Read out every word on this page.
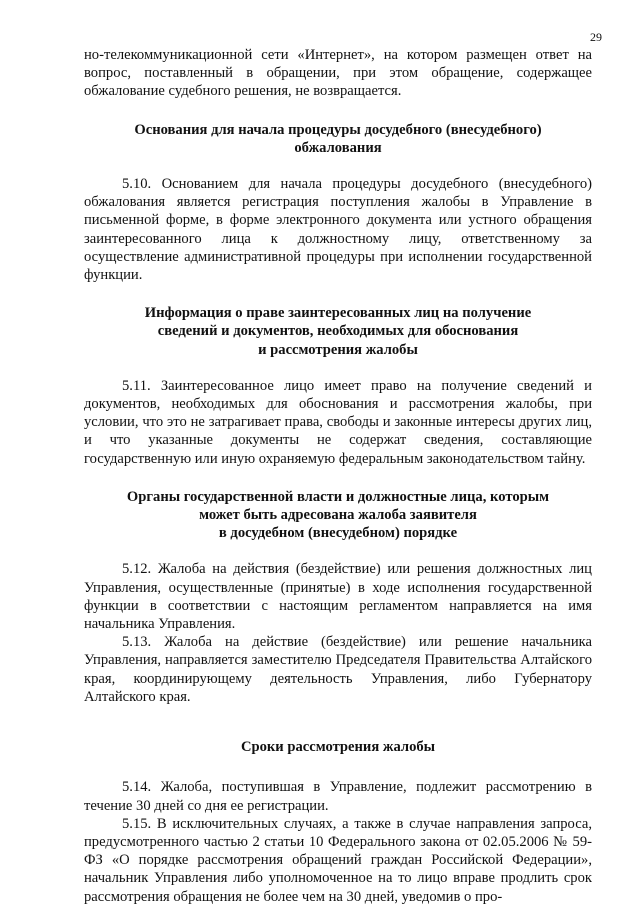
29

но-телекоммуникационной сети «Интернет», на котором размещен ответ на вопрос, поставленный в обращении, при этом обращение, содержащее обжалование судебного решения, не возвращается.

Основания для начала процедуры досудебного (внесудебного)
обжалования

5.10. Основанием для начала процедуры досудебного (внесудебного) обжалования является регистрация поступления жалобы в Управление в письменной форме, в форме электронного документа или устного обращения заинтересованного лица к должностному лицу, ответственному за осуществление административной процедуры при исполнении государственной функции.

Информация о праве заинтересованных лиц на получение
сведений и документов, необходимых для обоснования
и рассмотрения жалобы

5.11. Заинтересованное лицо имеет право на получение сведений и документов, необходимых для обоснования и рассмотрения жалобы, при условии, что это не затрагивает права, свободы и законные интересы других лиц, и что указанные документы не содержат сведения, составляющие государственную или иную охраняемую федеральным законодательством тайну.

Органы государственной власти и должностные лица, которым
может быть адресована жалоба заявителя
в досудебном (внесудебном) порядке

5.12. Жалоба на действия (бездействие) или решения должностных лиц Управления, осуществленные (принятые) в ходе исполнения государственной функции в соответствии с настоящим регламентом направляется на имя начальника Управления.

5.13. Жалоба на действие (бездействие) или решение начальника Управления, направляется заместителю Председателя Правительства Алтайского края, координирующему деятельность Управления, либо Губернатору Алтайского края.

Сроки рассмотрения жалобы

5.14. Жалоба, поступившая в Управление, подлежит рассмотрению в течение 30 дней со дня ее регистрации.

5.15. В исключительных случаях, а также в случае направления запроса, предусмотренного частью 2 статьи 10 Федерального закона от 02.05.2006 № 59-ФЗ «О порядке рассмотрения обращений граждан Российской Федерации», начальник Управления либо уполномоченное на то лицо вправе продлить срок рассмотрения обращения не более чем на 30 дней, уведомив о про-
